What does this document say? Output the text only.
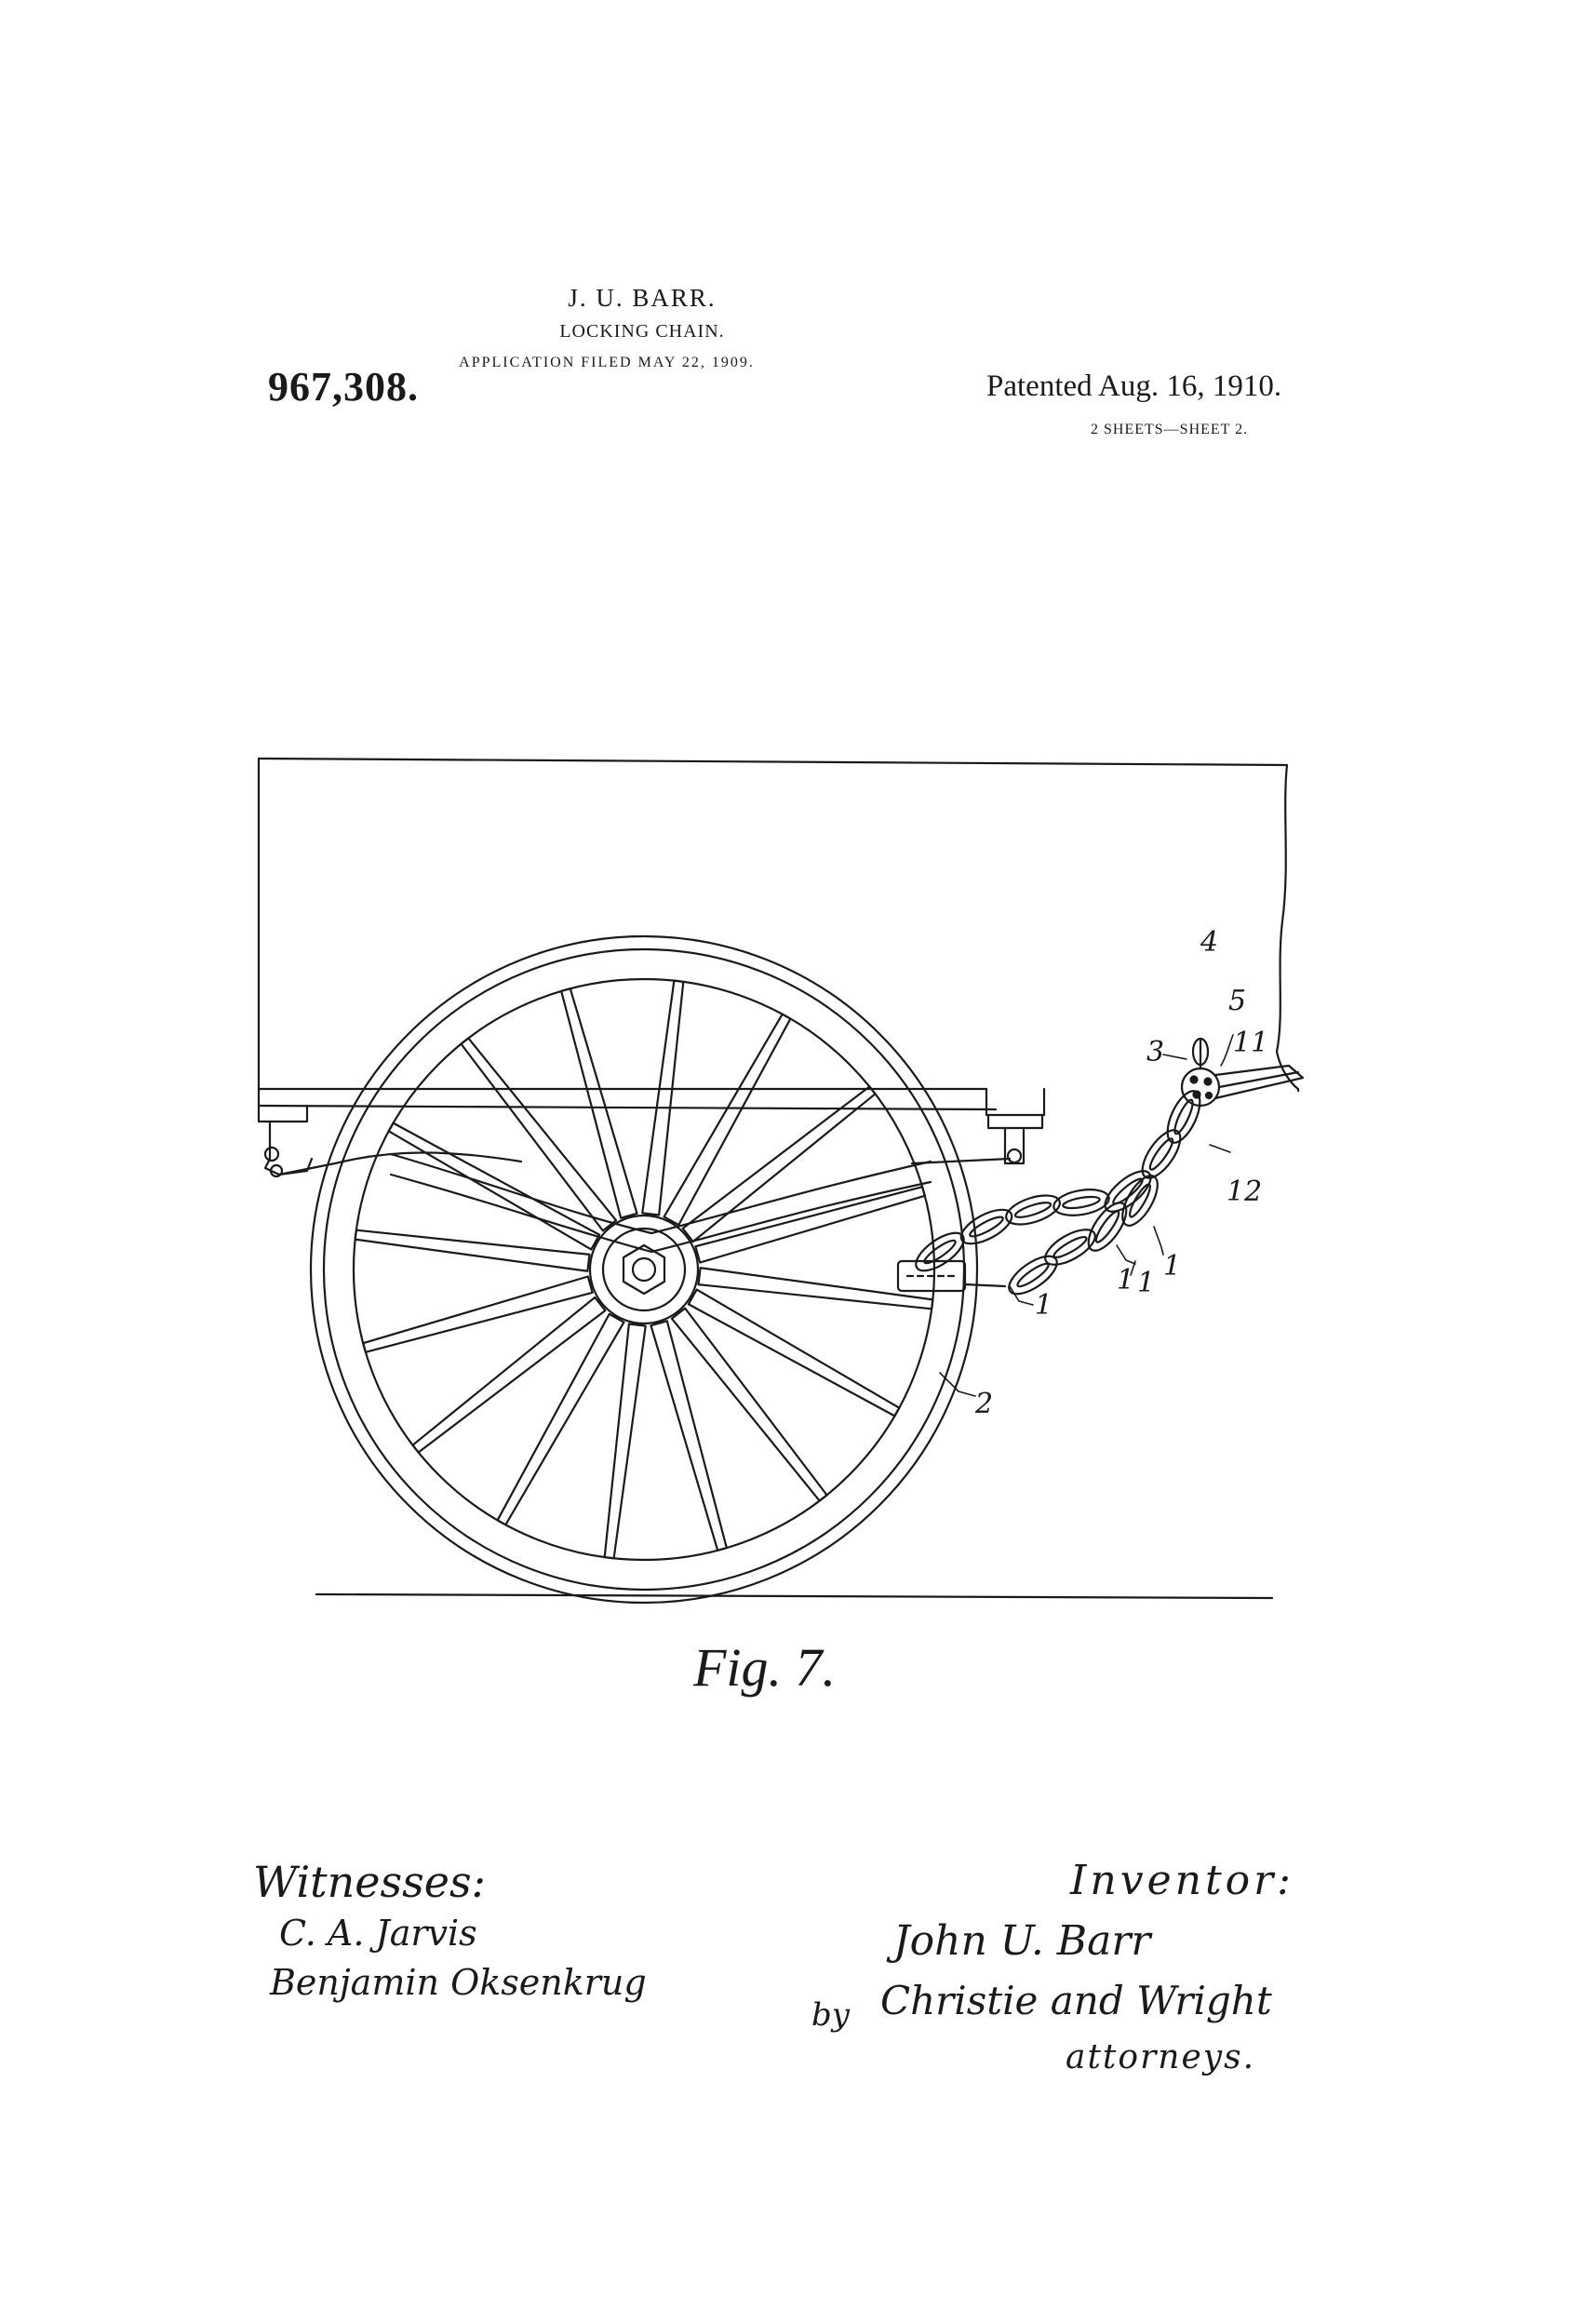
967,308.
J. U. BARR.
LOCKING CHAIN.
APPLICATION FILED MAY 22, 1909.
Patented Aug. 16, 1910.
2 SHEETS—SHEET 2.
4
5
3 11
12
1
1 1
1
2
Fig. 7.
Witnesses:
C. A. Jarvis
Benjamin Oksenkrug
Inventor:
John U. Barr
by Christie and Wright
attorneys.
